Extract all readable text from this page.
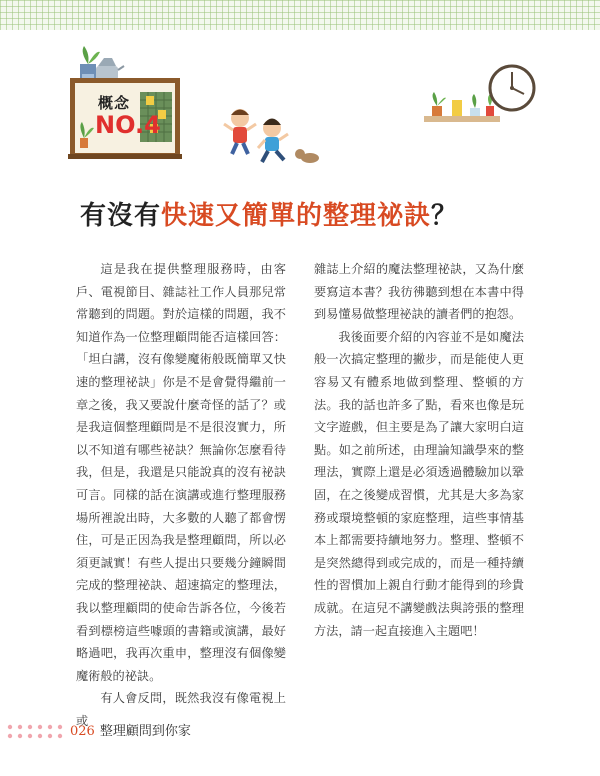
概念
NO.4
有沒有快速又簡單的整理祕訣？

這是我在提供整理服務時，由客戶、電視節目、雜誌社工作人員那兒常常聽到的問題。對於這樣的問題，我不知道作為一位整理顧問能否這樣回答：「坦白講，沒有像變魔術般既簡單又快速的整理祕訣」你是不是會覺得繼前一章之後，我又要說什麼奇怪的話了？或是我這個整理顧問是不是很沒實力，所以不知道有哪些祕訣？無論你怎麼看待我，但是，我還是只能說真的沒有祕訣可言。同樣的話在演講或進行整理服務場所裡說出時，大多數的人聽了都會愣住，可是正因為我是整理顧問，所以必須更誠實！有些人提出只要幾分鐘瞬間完成的整理祕訣、超速搞定的整理法，我以整理顧問的使命告訴各位，今後若看到標榜這些噱頭的書籍或演講，最好略過吧，我再次重申，整理沒有個像變魔術般的祕訣。

有人會反問，既然我沒有像電視上或

雜誌上介紹的魔法整理祕訣，又為什麼要寫這本書？我彷彿聽到想在本書中得到易懂易做整理祕訣的讀者們的抱怨。

我後面要介紹的內容並不是如魔法般一次搞定整理的撇步，而是能使人更容易又有體系地做到整理、整頓的方法。我的話也許多了點，看來也像是玩文字遊戲，但主要是為了讓大家明白這點。如之前所述，由理論知識學來的整理法，實際上還是必須透過體驗加以鞏固，在之後變成習慣，尤其是大多為家務或環境整頓的家庭整理，這些事情基本上都需要持續地努力。整理、整頓不是突然總得到或完成的，而是一種持續性的習慣加上親自行動才能得到的珍貴成就。在這兒不講變戲法與誇張的整理方法，請一起直接進入主題吧！

026 整理顧問到你家
